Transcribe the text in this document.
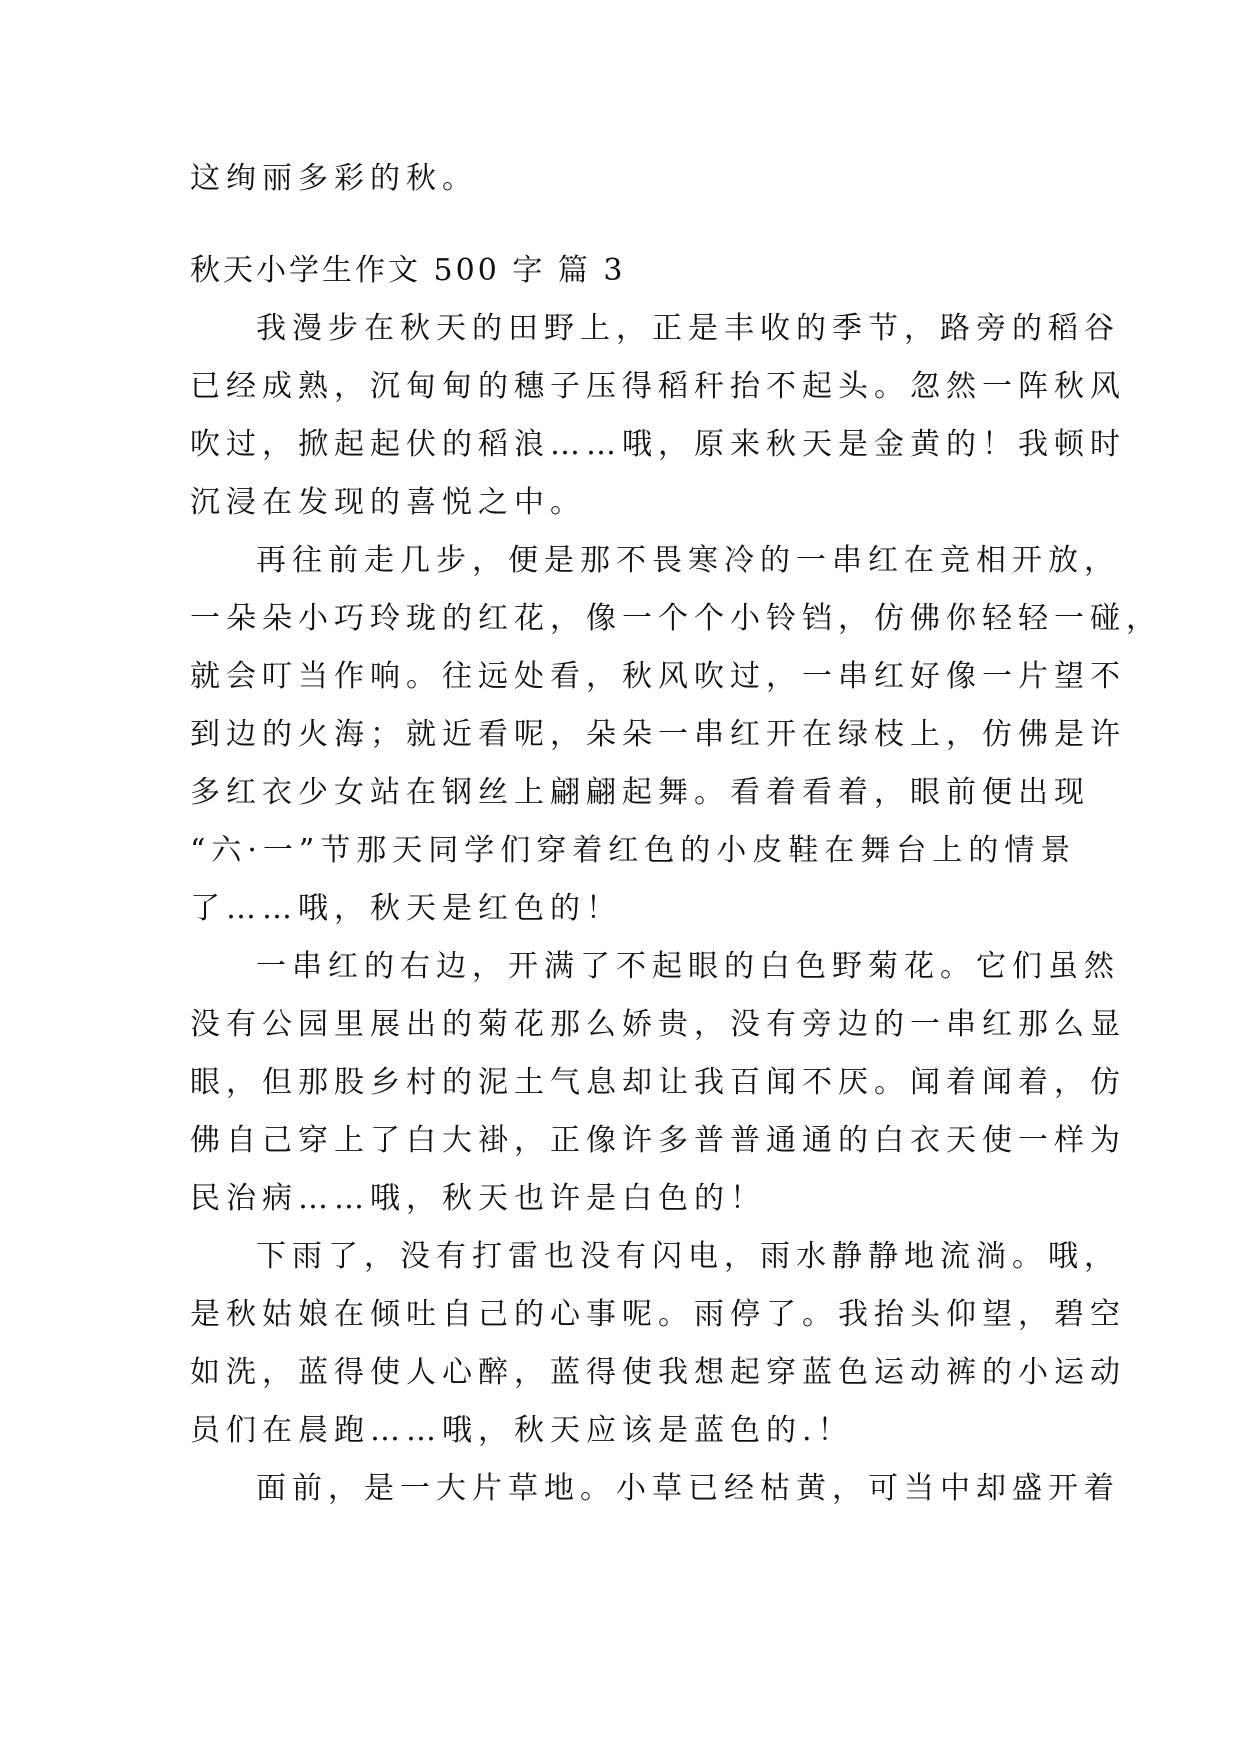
这绚丽多彩的秋。
秋天小学生作文 500 字 篇 3
我漫步在秋天的田野上，正是丰收的季节，路旁的稻谷
已经成熟，沉甸甸的穗子压得稻秆抬不起头。忽然一阵秋风
吹过，掀起起伏的稻浪……哦，原来秋天是金黄的！我顿时
沉浸在发现的喜悦之中。
再往前走几步，便是那不畏寒冷的一串红在竞相开放，
一朵朵小巧玲珑的红花，像一个个小铃铛，仿佛你轻轻一碰，
就会叮当作响。往远处看，秋风吹过，一串红好像一片望不
到边的火海；就近看呢，朵朵一串红开在绿枝上，仿佛是许
多红衣少女站在钢丝上翩翩起舞。看着看着，眼前便出现
“六·一”节那天同学们穿着红色的小皮鞋在舞台上的情景
了……哦，秋天是红色的！
一串红的右边，开满了不起眼的白色野菊花。它们虽然
没有公园里展出的菊花那么娇贵，没有旁边的一串红那么显
眼，但那股乡村的泥土气息却让我百闻不厌。闻着闻着，仿
佛自己穿上了白大褂，正像许多普普通通的白衣天使一样为
民治病……哦，秋天也许是白色的！
下雨了，没有打雷也没有闪电，雨水静静地流淌。哦，
是秋姑娘在倾吐自己的心事呢。雨停了。我抬头仰望，碧空
如洗，蓝得使人心醉，蓝得使我想起穿蓝色运动裤的小运动
员们在晨跑……哦，秋天应该是蓝色的.！
面前，是一大片草地。小草已经枯黄，可当中却盛开着
